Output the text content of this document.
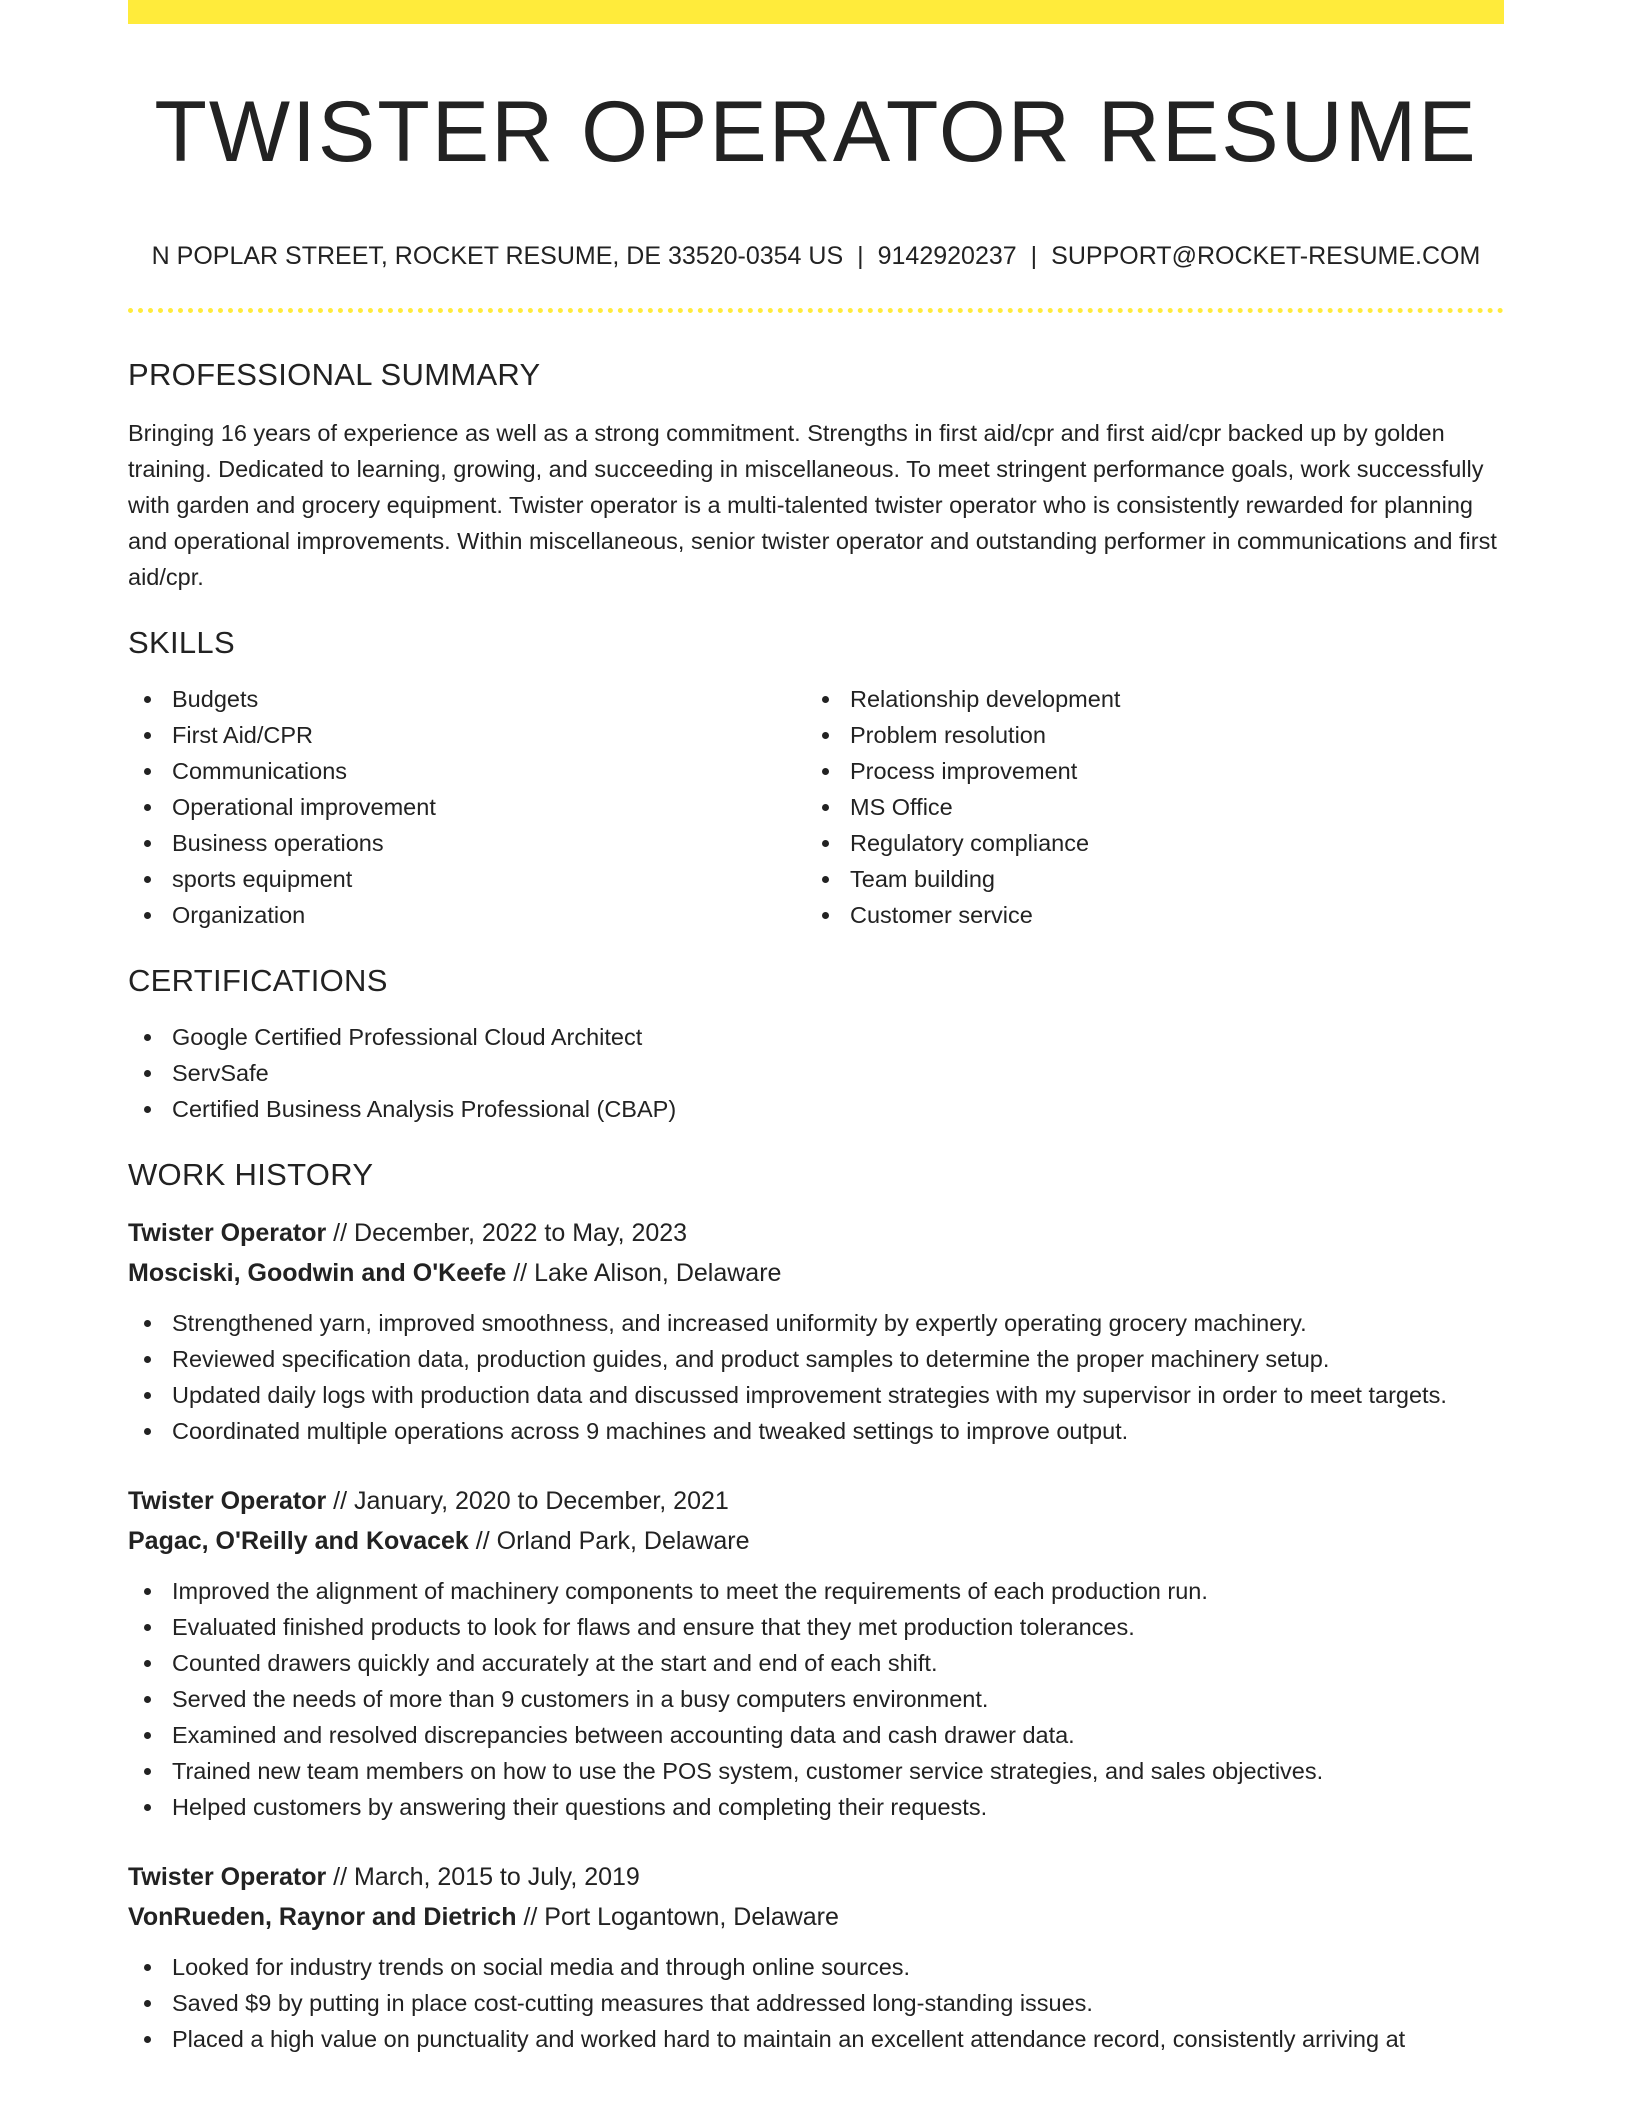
TWISTER OPERATOR RESUME
N POPLAR STREET, ROCKET RESUME, DE 33520-0354 US | 9142920237 | SUPPORT@ROCKET-RESUME.COM
PROFESSIONAL SUMMARY

Bringing 16 years of experience as well as a strong commitment. Strengths in first aid/cpr and first aid/cpr backed up by golden training. Dedicated to learning, growing, and succeeding in miscellaneous. To meet stringent performance goals, work successfully with garden and grocery equipment. Twister operator is a multi-talented twister operator who is consistently rewarded for planning and operational improvements. Within miscellaneous, senior twister operator and outstanding performer in communications and first aid/cpr.

SKILLS
Budgets
First Aid/CPR
Communications
Operational improvement
Business operations
sports equipment
Organization
Relationship development
Problem resolution
Process improvement
MS Office
Regulatory compliance
Team building
Customer service
CERTIFICATIONS
Google Certified Professional Cloud Architect
ServSafe
Certified Business Analysis Professional (CBAP)
WORK HISTORY
Twister Operator // December, 2022 to May, 2023
Mosciski, Goodwin and O'Keefe // Lake Alison, Delaware
Strengthened yarn, improved smoothness, and increased uniformity by expertly operating grocery machinery.
Reviewed specification data, production guides, and product samples to determine the proper machinery setup.
Updated daily logs with production data and discussed improvement strategies with my supervisor in order to meet targets.
Coordinated multiple operations across 9 machines and tweaked settings to improve output.
Twister Operator // January, 2020 to December, 2021
Pagac, O'Reilly and Kovacek // Orland Park, Delaware
Improved the alignment of machinery components to meet the requirements of each production run.
Evaluated finished products to look for flaws and ensure that they met production tolerances.
Counted drawers quickly and accurately at the start and end of each shift.
Served the needs of more than 9 customers in a busy computers environment.
Examined and resolved discrepancies between accounting data and cash drawer data.
Trained new team members on how to use the POS system, customer service strategies, and sales objectives.
Helped customers by answering their questions and completing their requests.
Twister Operator // March, 2015 to July, 2019
VonRueden, Raynor and Dietrich // Port Logantown, Delaware
Looked for industry trends on social media and through online sources.
Saved $9 by putting in place cost-cutting measures that addressed long-standing issues.
Placed a high value on punctuality and worked hard to maintain an excellent attendance record, consistently arriving at
